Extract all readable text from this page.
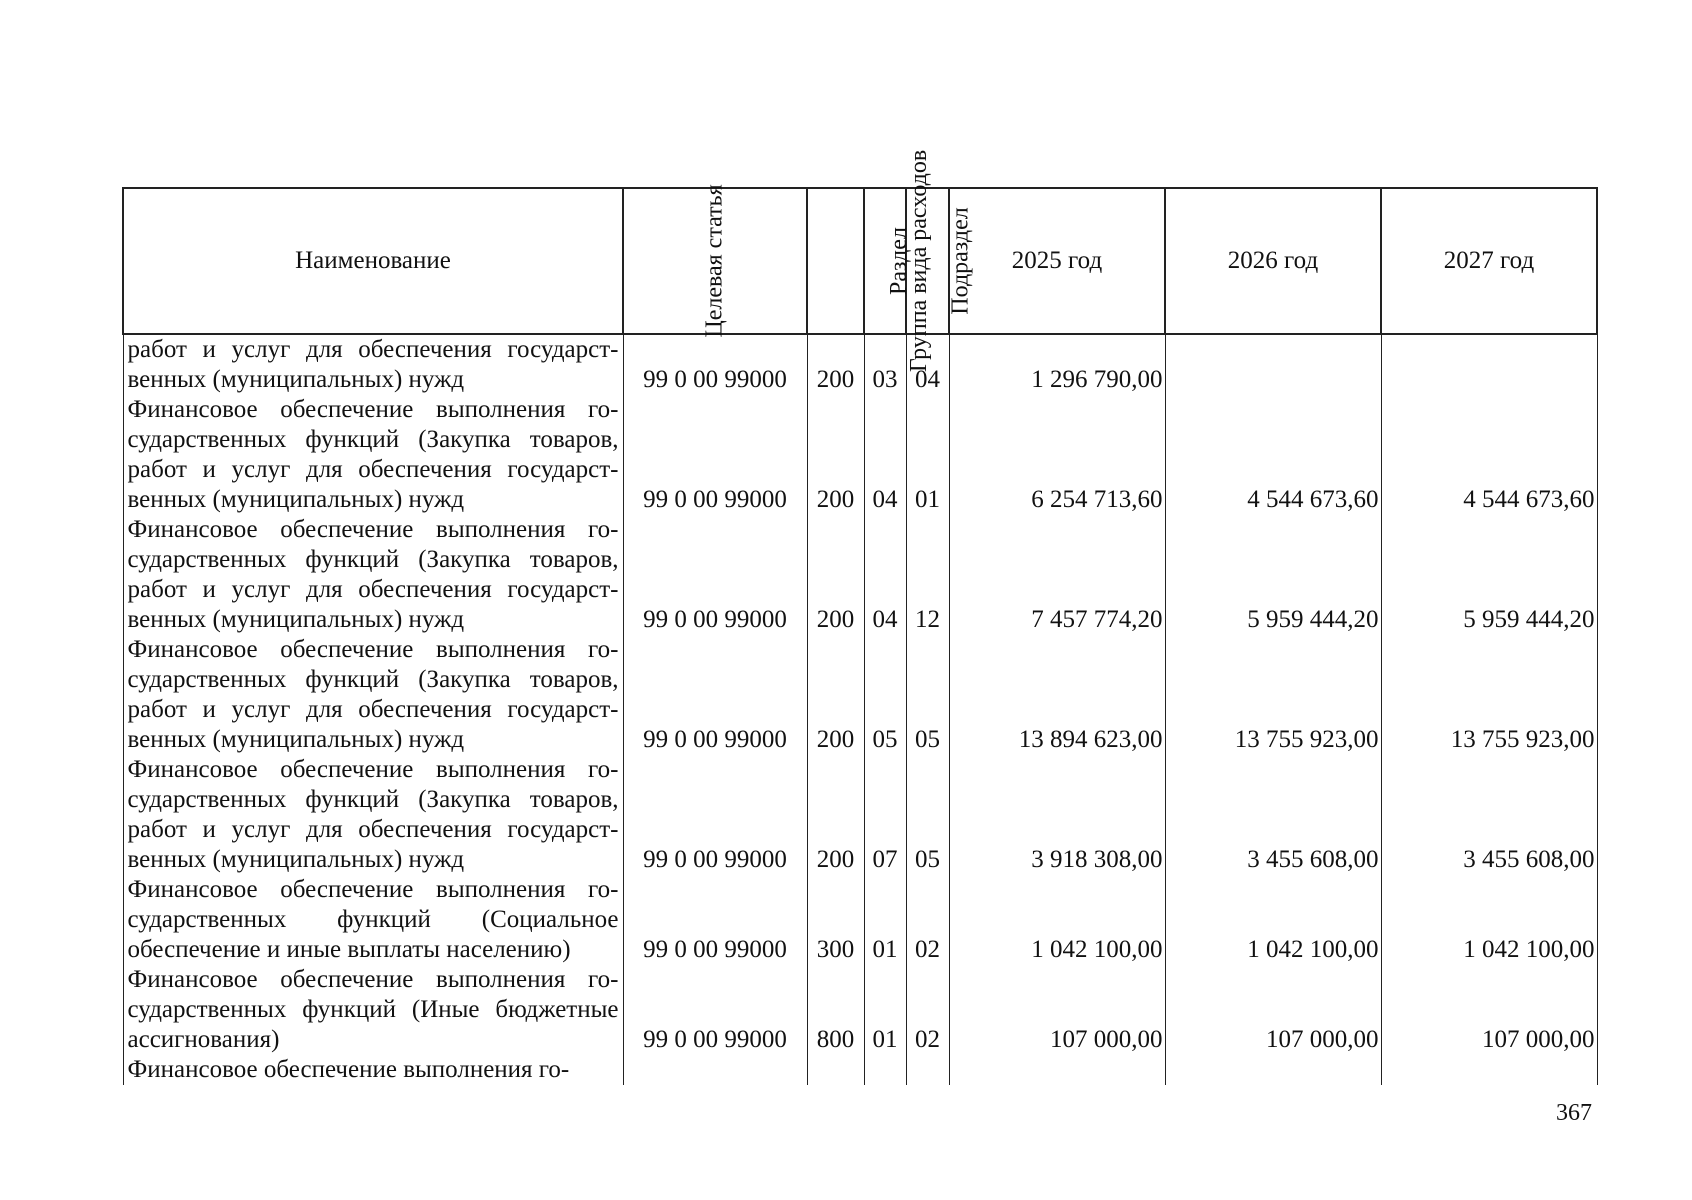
Наименование	Целевая статья	Группа вида расходов	Раздел	Подраздел	2025 год	2026 год	2027 год
работ и услуг для обеспечения государст- венных (муниципальных) нужд	99 0 00 99000	200	03	04	1 296 790,00		
Финансовое обеспечение выполнения го- сударственных функций (Закупка товаров, работ и услуг для обеспечения государст- венных (муниципальных) нужд	99 0 00 99000	200	04	01	6 254 713,60	4 544 673,60	4 544 673,60
Финансовое обеспечение выполнения го- сударственных функций (Закупка товаров, работ и услуг для обеспечения государст- венных (муниципальных) нужд	99 0 00 99000	200	04	12	7 457 774,20	5 959 444,20	5 959 444,20
Финансовое обеспечение выполнения го- сударственных функций (Закупка товаров, работ и услуг для обеспечения государст- венных (муниципальных) нужд	99 0 00 99000	200	05	05	13 894 623,00	13 755 923,00	13 755 923,00
Финансовое обеспечение выполнения го- сударственных функций (Закупка товаров, работ и услуг для обеспечения государст- венных (муниципальных) нужд	99 0 00 99000	200	07	05	3 918 308,00	3 455 608,00	3 455 608,00
Финансовое обеспечение выполнения го- сударственных функций (Социальное обеспечение и иные выплаты населению)	99 0 00 99000	300	01	02	1 042 100,00	1 042 100,00	1 042 100,00
Финансовое обеспечение выполнения го- сударственных функций (Иные бюджетные ассигнования)	99 0 00 99000	800	01	02	107 000,00	107 000,00	107 000,00
Финансовое обеспечение выполнения го-							
367
